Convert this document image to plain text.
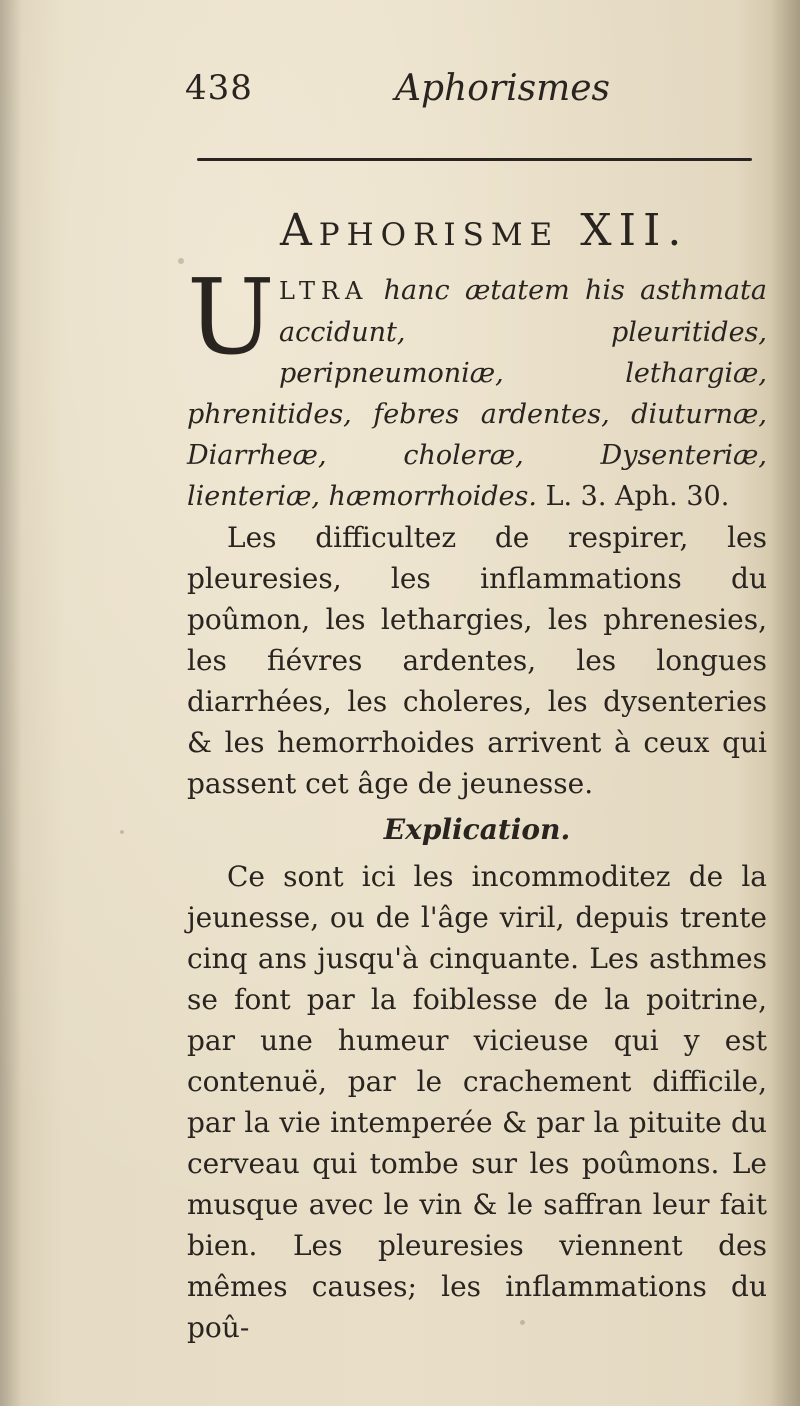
438	Aphorismes
Aphorisme XII.

U LTRA hanc ætatem his asthmata accidunt, pleuritides, peripneumoniæ, lethargiæ, phrenitides, febres ardentes, diuturnæ, Diarrheæ, choleræ, Dysenteriæ, lienteriæ, hæmorrhoides. L. 3. Aph. 30.

Les difficultez de respirer, les pleuresies, les inflammations du poûmon, les lethargies, les phrenesies, les fiévres ardentes, les longues diarrhées, les choleres, les dysenteries & les hemorrhoides arrivent à ceux qui passent cet âge de jeunesse.

Explication.

Ce sont ici les incommoditez de la jeunesse, ou de l'âge viril, depuis trente cinq ans jusqu'à cinquante. Les asthmes se font par la foiblesse de la poitrine, par une humeur vicieuse qui y est contenuë, par le crachement difficile, par la vie intemperée & par la pituite du cerveau qui tombe sur les poûmons. Le musque avec le vin & le saffran leur fait bien. Les pleuresies viennent des mêmes causes; les inflammations du poû-
